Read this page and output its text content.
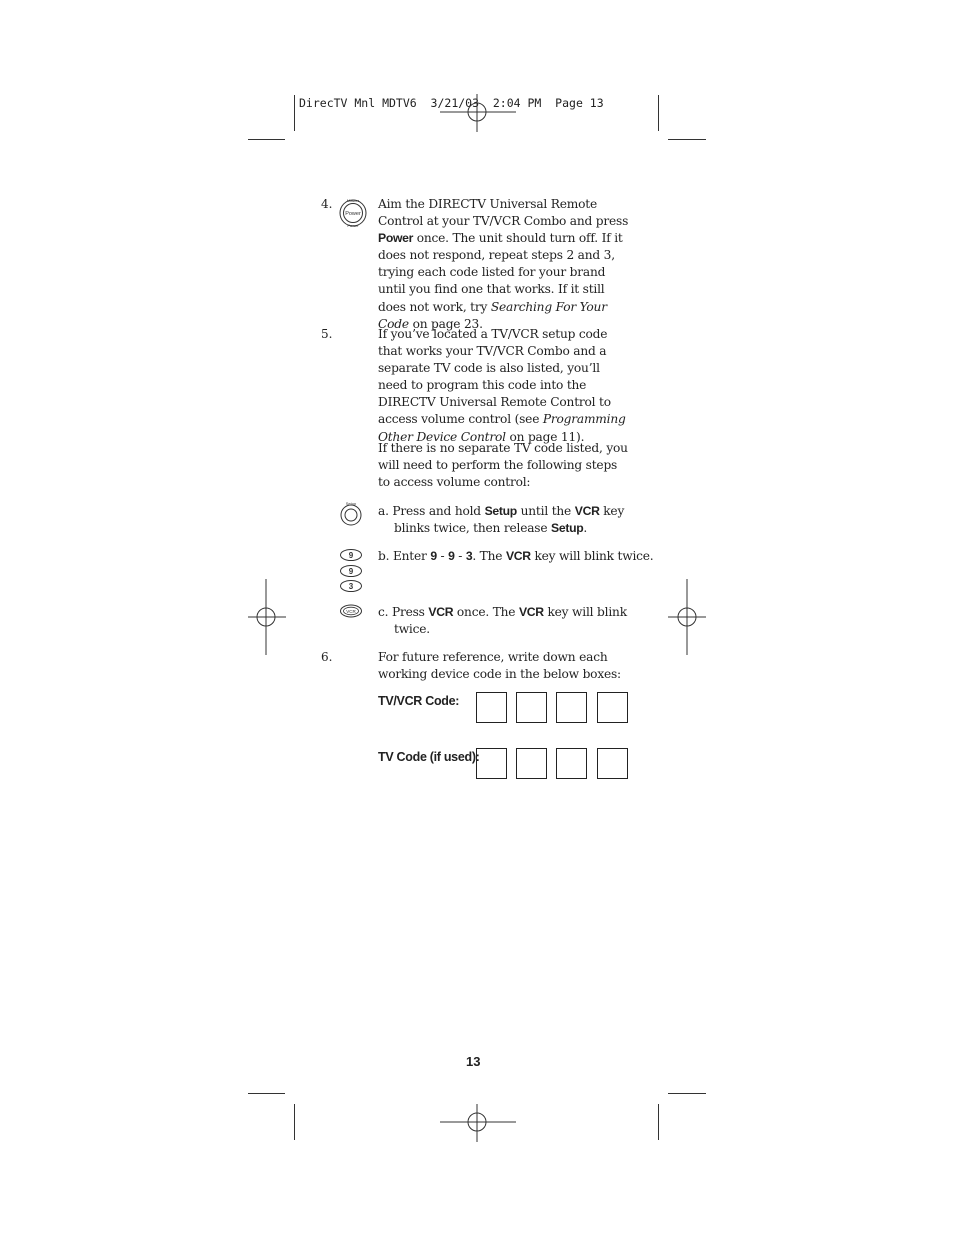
DirecTV Mnl MDTV6  3/21/03  2:04 PM  Page 13
4.	Master
Power
Power
Aim the DIRECTV Universal Remote Control at your TV/VCR Combo and press Power once. The unit should turn off. If it does not respond, repeat steps 2 and 3, trying each code listed for your brand until you find one that works. If it still does not work, try Searching For Your Code on page 23.
5.	If you’ve located a TV/VCR setup code that works your TV/VCR Combo and a separate TV code is also listed, you’ll need to program this code into the DIRECTV Universal Remote Control to access volume control (see Programming Other Device Control on page 11).
If there is no separate TV code listed, you will need to perform the following steps to access volume control:
Setup
a. Press and hold Setup until the VCR key blinks twice, then release Setup.
9
9
3
b. Enter 9 - 9 - 3. The VCR key will blink twice.
VCR c. Press VCR once. The VCR key will blink twice.
6.	For future reference, write down each working device code in the below boxes:
TV/VCR Code:
TV Code (if used):
13
